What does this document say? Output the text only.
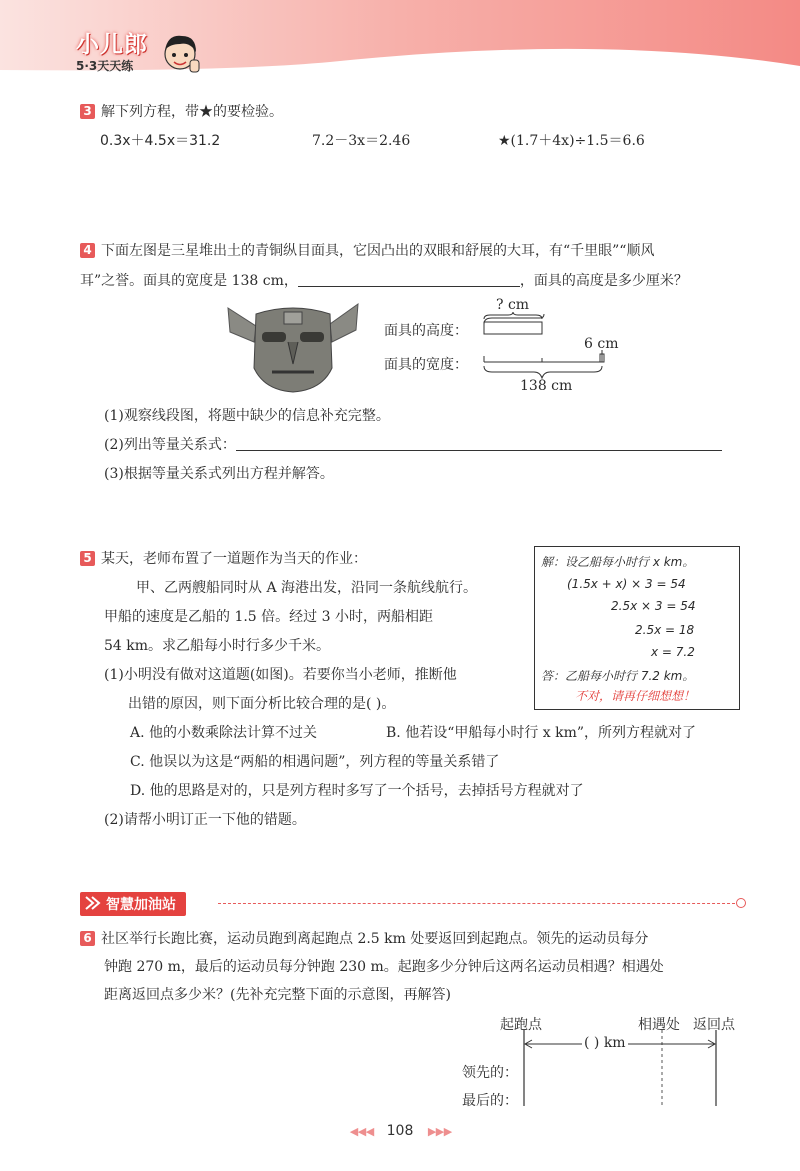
小儿郎
5·3天天练
3 解下列方程，带★的要检验。
0.3x＋4.5x＝31.2	7.2－3x＝2.46	★(1.7＋4x)÷1.5＝6.6
4 下面左图是三星堆出土的青铜纵目面具，它因凸出的双眼和舒展的大耳，有“千里眼”“顺风
耳”之誉。面具的宽度是 138 cm，	，面具的高度是多少厘米？
面具的高度：
面具的宽度：
? cm
6 cm
138 cm
(1)观察线段图，将题中缺少的信息补充完整。
(2)列出等量关系式：
(3)根据等量关系式列出方程并解答。
5 某天，老师布置了一道题作为当天的作业：
甲、乙两艘船同时从 A 海港出发，沿同一条航线航行。
甲船的速度是乙船的 1.5 倍。经过 3 小时，两船相距
54 km。求乙船每小时行多少千米。
(1)小明没有做对这道题(如图)。若要你当小老师，推断他
出错的原因，则下面分析比较合理的是( )。
A. 他的小数乘除法计算不过关	B. 他若设“甲船每小时行 x km”，所列方程就对了
C. 他误以为这是“两船的相遇问题”，列方程的等量关系错了
D. 他的思路是对的，只是列方程时多写了一个括号，去掉括号方程就对了
(2)请帮小明订正一下他的错题。
解：设乙船每小时行 x km。
(1.5x + x) × 3 = 54
2.5x × 3 = 54
2.5x = 18
x = 7.2
答：乙船每小时行 7.2 km。
不对，请再仔细想想！
智慧加油站
6 社区举行长跑比赛，运动员跑到离起跑点 2.5 km 处要返回到起跑点。领先的运动员每分
钟跑 270 m，最后的运动员每分钟跑 230 m。起跑多少分钟后这两名运动员相遇？相遇处
距离返回点多少米？(先补充完整下面的示意图，再解答)
起跑点	相遇处 返回点
( ) km
领先的：
最后的：
◀ ◀ ◀ 108 ▶ ▶ ▶
